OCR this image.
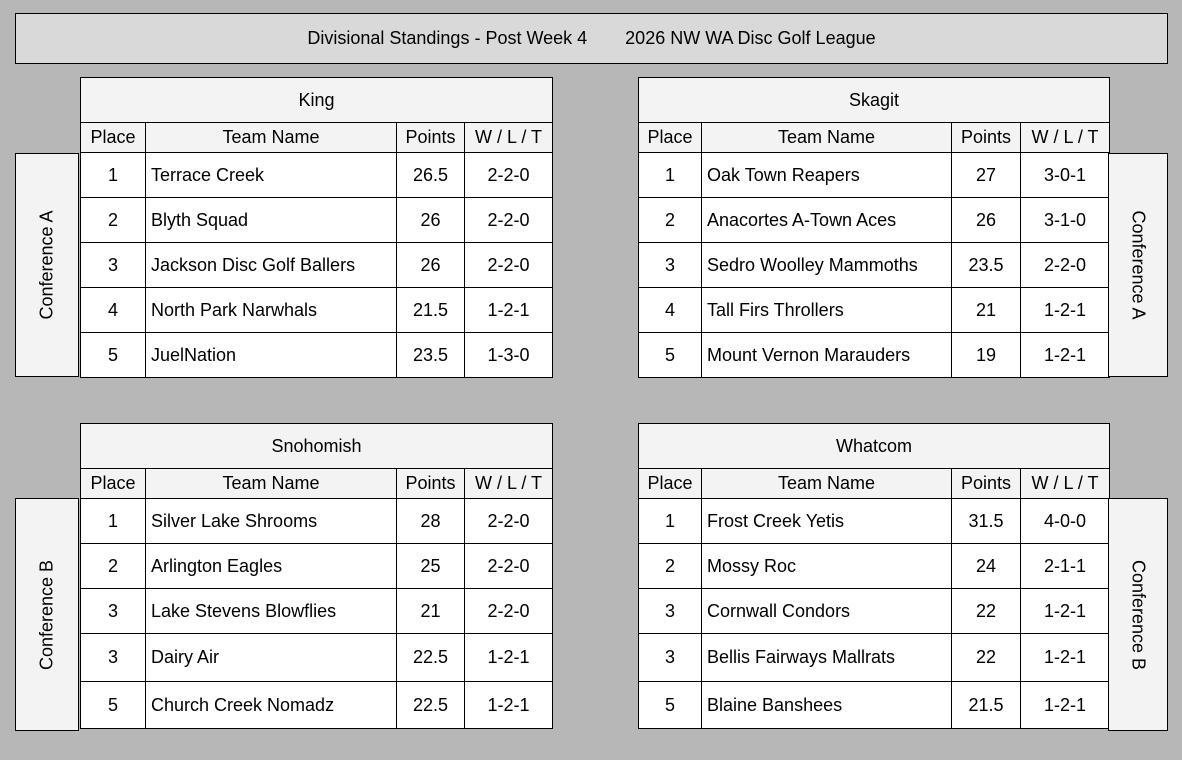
Divisional Standings - Post Week 4 2026 NW WA Disc Golf League
Conference A
King			
Place	Team Name	Points	W / L / T
1	Terrace Creek	26.5	2-2-0
2	Blyth Squad	26	2-2-0
3	Jackson Disc Golf Ballers	26	2-2-0
4	North Park Narwhals	21.5	1-2-1
5	JuelNation	23.5	1-3-0
Skagit			
Place	Team Name	Points	W / L / T
1	Oak Town Reapers	27	3-0-1
2	Anacortes A-Town Aces	26	3-1-0
3	Sedro Woolley Mammoths	23.5	2-2-0
4	Tall Firs Throllers	21	1-2-1
5	Mount Vernon Marauders	19	1-2-1
Conference A
Conference B
Snohomish			
Place	Team Name	Points	W / L / T
1	Silver Lake Shrooms	28	2-2-0
2	Arlington Eagles	25	2-2-0
3	Lake Stevens Blowflies	21	2-2-0
3	Dairy Air	22.5	1-2-1
5	Church Creek Nomadz	22.5	1-2-1
Whatcom			
Place	Team Name	Points	W / L / T
1	Frost Creek Yetis	31.5	4-0-0
2	Mossy Roc	24	2-1-1
3	Cornwall Condors	22	1-2-1
3	Bellis Fairways Mallrats	22	1-2-1
5	Blaine Banshees	21.5	1-2-1
Conference B
